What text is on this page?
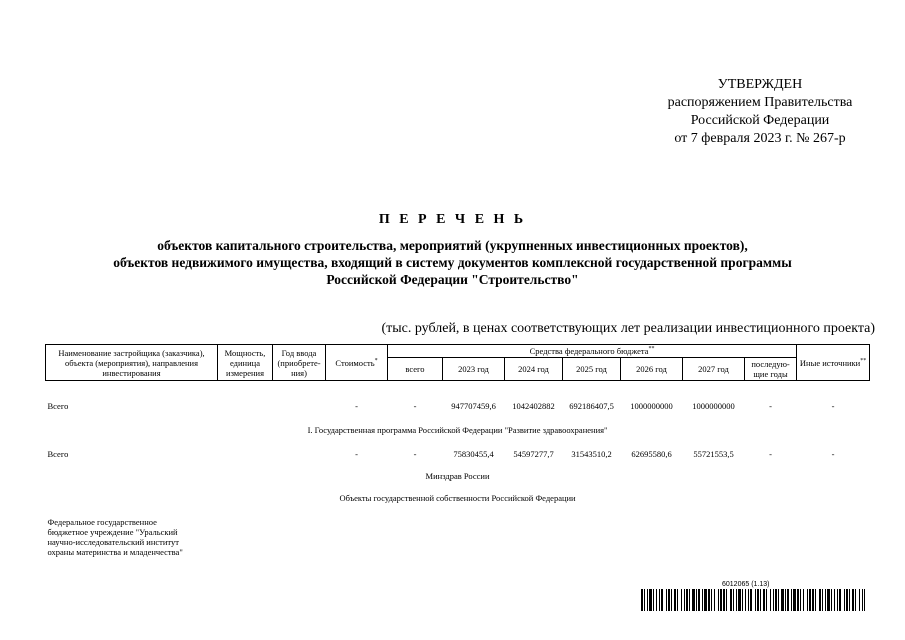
УТВЕРЖДЕН
распоряжением Правительства
Российской Федерации
от 7 февраля 2023 г. № 267-р
П Е Р Е Ч Е Н Ь
объектов капитального строительства, мероприятий (укрупненных инвестиционных проектов),
объектов недвижимого имущества, входящий в систему документов комплексной государственной программы
Российской Федерации "Строительство"
(тыс. рублей, в ценах соответствующих лет реализации инвестиционного проекта)
Наименование застройщика (заказчика), объекта (мероприятия), направления инвестирования	Мощность, единица измерения	Год ввода (приобрете- ния)	Стоимость*	Средства федерального бюджета**							Иные источники**
				всего	2023 год	2024 год	2025 год	2026 год	2027 год	последую- щие годы	

Всего			-	-	947707459,6	1042402882	692186407,5	1000000000	1000000000	-	-

I. Государственная программа Российской Федерации "Развитие здравоохранения"											

Всего			-	-	75830455,4	54597277,7	31543510,2	62695580,6	55721553,5	-	-

Минздрав России											

Объекты государственной собственности Российской Федерации											

Федеральное государственное
бюджетное учреждение "Уральский
научно-исследовательский институт
охраны материнства и младенчества"											

6012065 (1.13)
